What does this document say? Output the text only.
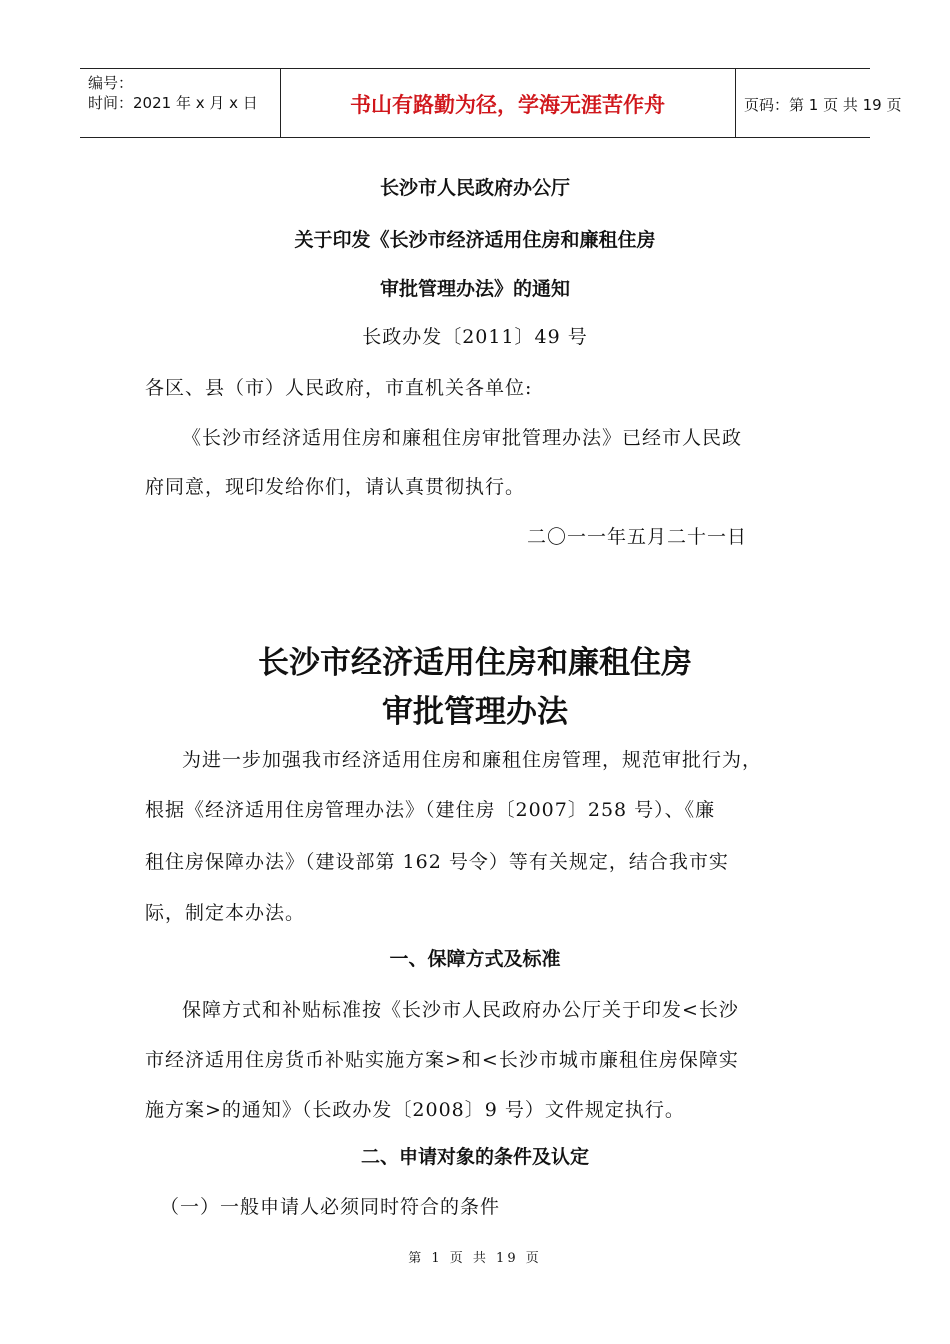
编号：
时间：2021 年 x 月 x 日	书山有路勤为径，学海无涯苦作舟	页码：第 1 页 共 19 页
长沙市人民政府办公厅
关于印发《长沙市经济适用住房和廉租住房
审批管理办法》的通知
长政办发〔2011〕49 号
各区、县（市）人民政府，市直机关各单位:
《长沙市经济适用住房和廉租住房审批管理办法》已经市人民政
府同意，现印发给你们，请认真贯彻执行。
二〇一一年五月二十一日
长沙市经济适用住房和廉租住房
审批管理办法
为进一步加强我市经济适用住房和廉租住房管理，规范审批行为，
根据《经济适用住房管理办法》（建住房〔2007〕258 号）、《廉
租住房保障办法》（建设部第 162 号令）等有关规定，结合我市实
际，制定本办法。
一、保障方式及标准
保障方式和补贴标准按《长沙市人民政府办公厅关于印发<长沙
市经济适用住房货币补贴实施方案>和<长沙市城市廉租住房保障实
施方案>的通知》（长政办发〔2008〕9 号）文件规定执行。
二、申请对象的条件及认定
（一）一般申请人必须同时符合的条件
第 1 页 共 19 页
